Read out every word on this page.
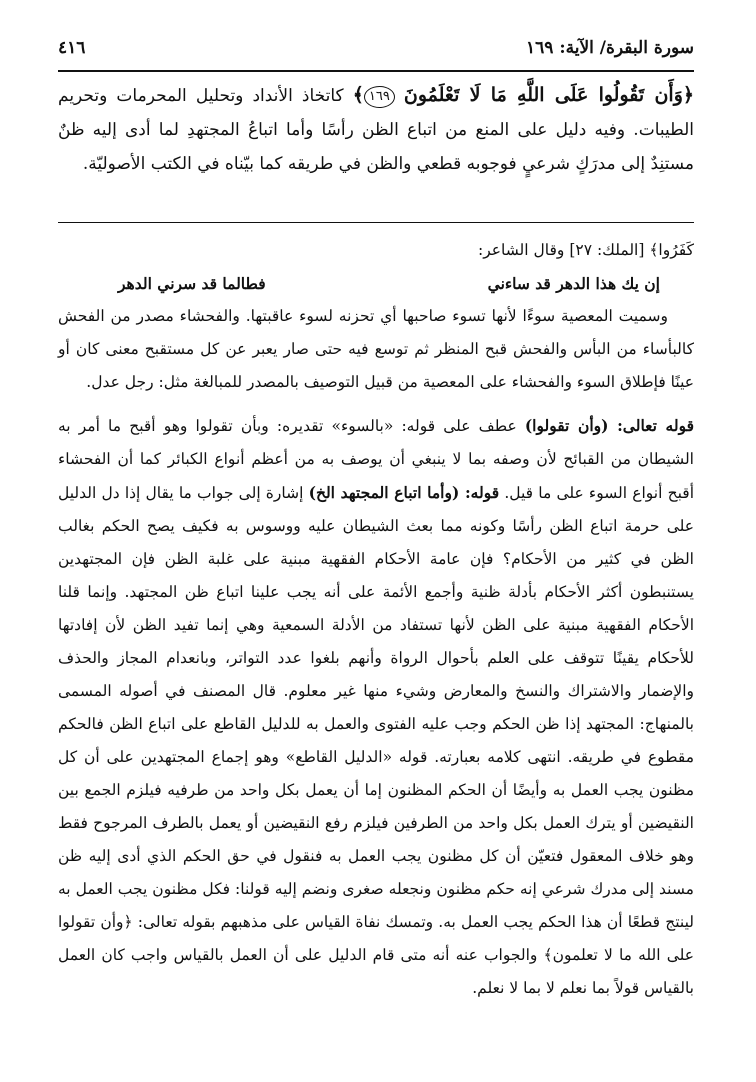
سورة البقرة/ الآية: ١٦٩
٤١٦
﴿وَأَن تَقُولُوا عَلَى اللَّهِ مَا لَا تَعْلَمُونَ ١٦٩﴾ كاتخاذ الأنداد وتحليل المحرمات وتحريم الطيبات. وفيه دليل على المنع من اتباع الظن رأسًا وأما اتباعُ المجتهدِ لما أدى إليه ظنٌ مستنِدٌ إلى مدرَكٍ شرعيٍ فوجوبه قطعي والظن في طريقه كما بيّناه في الكتب الأصوليّة.

كَفَرُوا﴾ [الملك: ٢٧] وقال الشاعر:

إن يك هذا الدهر قد ساءني
فطالما قد سرني الدهر

وسميت المعصية سوءًا لأنها تسوء صاحبها أي تحزنه لسوء عاقبتها. والفحشاء مصدر من الفحش كالبأساء من البأس والفحش قبح المنظر ثم توسع فيه حتى صار يعبر عن كل مستقبح معنى كان أو عينًا فإطلاق السوء والفحشاء على المعصية من قبيل التوصيف بالمصدر للمبالغة مثل: رجل عدل.

قوله تعالى: (وأن تقولوا) عطف على قوله: «بالسوء» تقديره: وبأن تقولوا وهو أقبح ما أمر به الشيطان من القبائح لأن وصفه بما لا ينبغي أن يوصف به من أعظم أنواع الكبائر كما أن الفحشاء أقبح أنواع السوء على ما قيل. قوله: (وأما اتباع المجتهد الخ) إشارة إلى جواب ما يقال إذا دل الدليل على حرمة اتباع الظن رأسًا وكونه مما بعث الشيطان عليه ووسوس به فكيف يصح الحكم بغالب الظن في كثير من الأحكام؟ فإن عامة الأحكام الفقهية مبنية على غلبة الظن فإن المجتهدين يستنبطون أكثر الأحكام بأدلة ظنية وأجمع الأئمة على أنه يجب علينا اتباع ظن المجتهد. وإنما قلنا الأحكام الفقهية مبنية على الظن لأنها تستفاد من الأدلة السمعية وهي إنما تفيد الظن لأن إفادتها للأحكام يقينًا تتوقف على العلم بأحوال الرواة وأنهم بلغوا عدد التواتر، وبانعدام المجاز والحذف والإضمار والاشتراك والنسخ والمعارض وشيء منها غير معلوم. قال المصنف في أصوله المسمى بالمنهاج: المجتهد إذا ظن الحكم وجب عليه الفتوى والعمل به للدليل القاطع على اتباع الظن فالحكم مقطوع في طريقه. انتهى كلامه بعبارته. قوله «الدليل القاطع» وهو إجماع المجتهدين على أن كل مظنون يجب العمل به وأيضًا أن الحكم المظنون إما أن يعمل بكل واحد من طرفيه فيلزم الجمع بين النقيضين أو يترك العمل بكل واحد من الطرفين فيلزم رفع النقيضين أو يعمل بالطرف المرجوح فقط وهو خلاف المعقول فتعيّن أن كل مظنون يجب العمل به فنقول في حق الحكم الذي أدى إليه ظن مسند إلى مدرك شرعي إنه حكم مظنون ونجعله صغرى ونضم إليه قولنا: فكل مظنون يجب العمل به لينتج قطعًا أن هذا الحكم يجب العمل به. وتمسك نفاة القياس على مذهبهم بقوله تعالى: ﴿وأن تقولوا على الله ما لا تعلمون﴾ والجواب عنه أنه متى قام الدليل على أن العمل بالقياس واجب كان العمل بالقياس قولاً بما نعلم لا بما لا نعلم.
